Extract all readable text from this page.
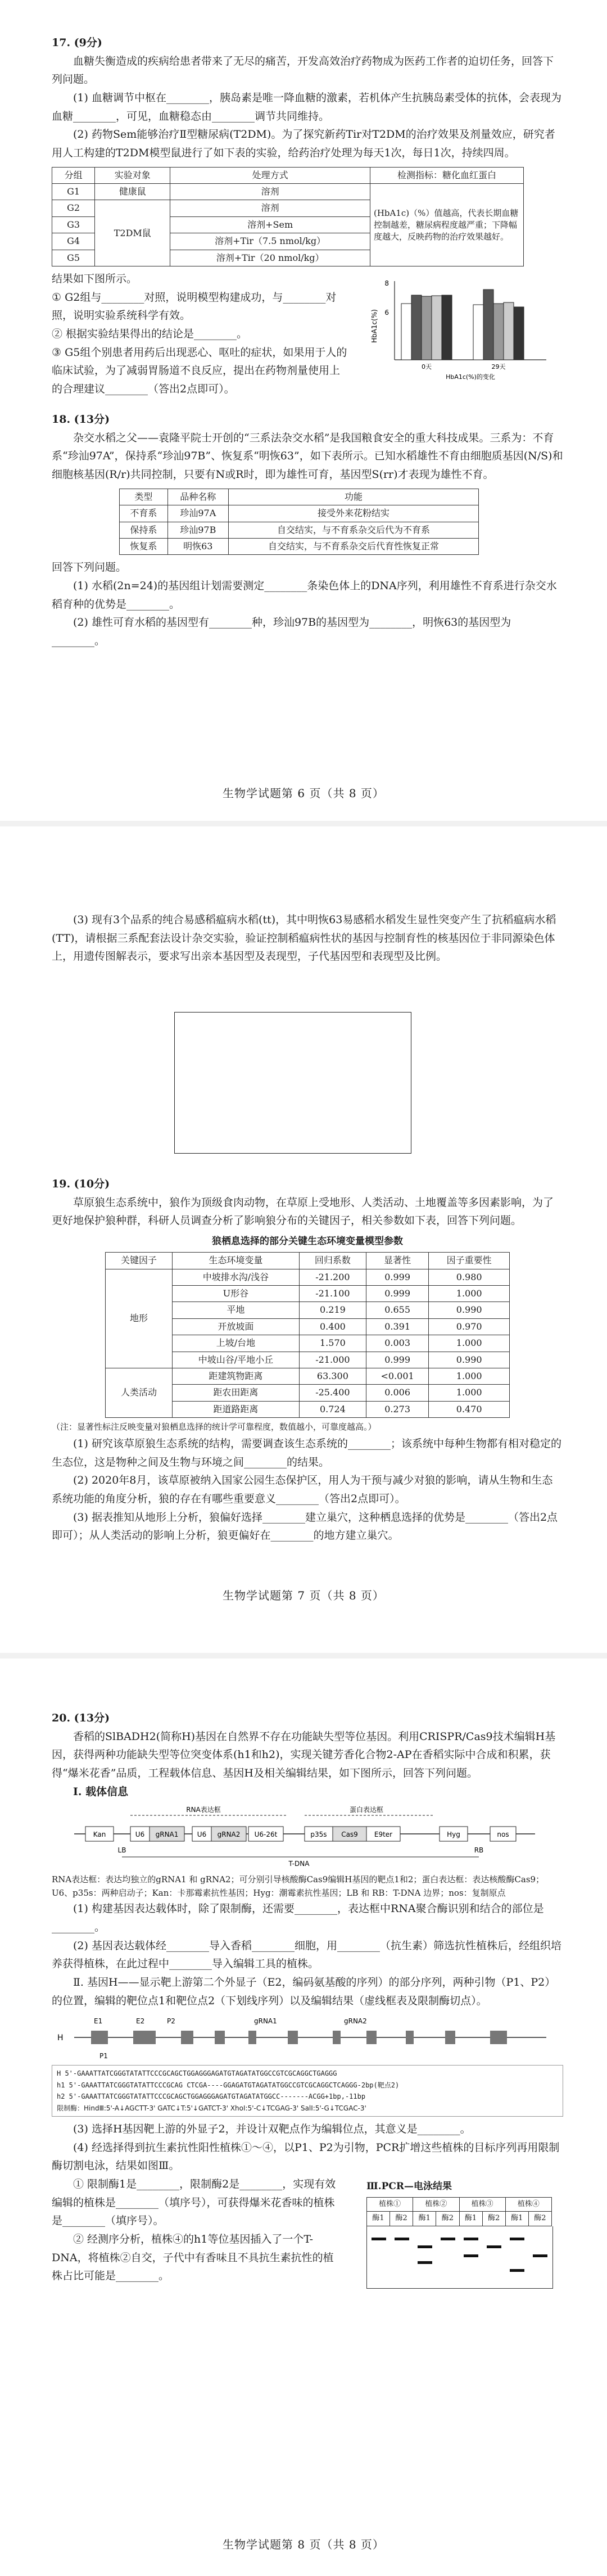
17. (9分)

血糖失衡造成的疾病给患者带来了无尽的痛苦，开发高效治疗药物成为医药工作者的迫切任务，回答下列问题。

(1) 血糖调节中枢在________，胰岛素是唯一降血糖的激素，若机体产生抗胰岛素受体的抗体，会表现为血糖________，可见，血糖稳态由________调节共同维持。

(2) 药物Sem能够治疗Ⅱ型糖尿病(T2DM)。为了探究新药Tir对T2DM的治疗效果及剂量效应，研究者用人工构建的T2DM模型鼠进行了如下表的实验，给药治疗处理为每天1次，每日1次，持续四周。

分组	实验对象	处理方式	检测指标：糖化血红蛋白
G1	健康鼠	溶剂	(HbA1c)（%）值越高，代表长期血糖控制越差，糖尿病程度越严重；下降幅度越大，反映药物的治疗效果越好。
G2	T2DM鼠	溶剂	
G3		溶剂+Sem	
G4		溶剂+Tir（7.5 nmol/kg）	
G5		溶剂+Tir（20 nmol/kg）	

结果如下图所示。

① G2组与________对照，说明模型构建成功，与________对照，说明实验系统科学有效。

② 根据实验结果得出的结论是________。

③ G5组个别患者用药后出现恶心、呕吐的症状，如果用于人的临床试验，为了减弱胃肠道不良反应，提出在药物剂量使用上的合理建议________（答出2点即可）。

8
6
HbA1c(%)
0天	29天
HbA1c(%)的变化

18. (13分)

杂交水稻之父——袁隆平院士开创的“三系法杂交水稻”是我国粮食安全的重大科技成果。三系为：不育系“珍汕97A”，保持系“珍汕97B”、恢复系“明恢63”，如下表所示。已知水稻雄性不育由细胞质基因(N/S)和细胞核基因(R/r)共同控制，只要有N或R时，即为雄性可育，基因型S(rr)才表现为雄性不育。

类型	品种名称	功能
不育系	珍汕97A	接受外来花粉结实
保持系	珍汕97B	自交结实，与不育系杂交后代为不育系
恢复系	明恢63	自交结实，与不育系杂交后代育性恢复正常

回答下列问题。

(1) 水稻(2n=24)的基因组计划需要测定________条染色体上的DNA序列，利用雄性不育系进行杂交水稻育种的优势是________。

(2) 雄性可育水稻的基因型有________种，珍汕97B的基因型为________，明恢63的基因型为________。

生物学试题第 6 页（共 8 页）

(3) 现有3个品系的纯合易感稻瘟病水稻(tt)，其中明恢63易感稻水稻发生显性突变产生了抗稻瘟病水稻(TT)，请根据三系配套法设计杂交实验，验证控制稻瘟病性状的基因与控制育性的核基因位于非同源染色体上，用遗传图解表示，要求写出亲本基因型及表现型，子代基因型和表现型及比例。

19. (10分)

草原狼生态系统中，狼作为顶级食肉动物，在草原上受地形、人类活动、土地覆盖等多因素影响，为了更好地保护狼种群，科研人员调查分析了影响狼分布的关键因子，相关参数如下表，回答下列问题。

狼栖息选择的部分关键生态环境变量模型参数
关键因子	生态环境变量	回归系数	显著性	因子重要性
地形	中坡排水沟/浅谷	-21.200	0.999	0.980
	U形谷	-21.100	0.999	1.000
	平地	0.219	0.655	0.990
	开放坡面	0.400	0.391	0.970
	上坡/台地	1.570	0.003	1.000
	中坡山谷/平地小丘	-21.000	0.999	0.990
人类活动	距建筑物距离	63.300	<0.001	1.000
	距农田距离	-25.400	0.006	1.000
	距道路距离	0.724	0.273	0.470

（注：显著性标注反映变量对狼栖息选择的统计学可靠程度，数值越小，可靠度越高。）

(1) 研究该草原狼生态系统的结构，需要调查该生态系统的________；该系统中每种生物都有相对稳定的生态位，这是物种之间及生物与环境之间________的结果。

(2) 2020年8月，该草原被纳入国家公园生态保护区，用人为干预与减少对狼的影响，请从生物和生态系统功能的角度分析，狼的存在有哪些重要意义________（答出2点即可）。

(3) 据表推知从地形上分析，狼偏好选择________建立巢穴，这种栖息选择的优势是________（答出2点即可）；从人类活动的影响上分析，狼更偏好在________的地方建立巢穴。

生物学试题第 7 页（共 8 页）

20. (13分)

香稻的SlBADH2(简称H)基因在自然界不存在功能缺失型等位基因。利用CRISPR/Cas9技术编辑H基因，获得两种功能缺失型等位突变体系(h1和h2)，实现关键芳香化合物2-AP在香稻实际中合成和积累，获得“爆米花香”品质，工程载体信息、基因H及相关编辑结果，如下图所示，回答下列问题。

Ⅰ. 载体信息

RNA表达框	蛋白表达框
Kan	U6 gRNA1	U6 gRNA2 U6-26t	p35s Cas9 E9ter	Hyg	nos
LB	RB
T-DNA

RNA表达框：表达均独立的gRNA1 和 gRNA2；可分别引导核酸酶Cas9编辑H基因的靶点1和2；蛋白表达框：表达核酸酶Cas9；U6、p35s：两种启动子；Kan：卡那霉素抗性基因；Hyg：潮霉素抗性基因；LB 和 RB：T-DNA 边界；nos：复制原点

(1) 构建基因表达载体时，除了限制酶，还需要________，表达框中RNA聚合酶识别和结合的部位是________。

(2) 基因表达载体经________导入香稻________细胞，用________（抗生素）筛选抗性植株后，经组织培养获得植株，在此过程中________导入编辑工具的植株。

Ⅱ. 基因H——显示靶上游第二个外显子（E2，编码氨基酸的序列）的部分序列，两种引物（P1、P2）的位置，编辑的靶位点1和靶位点2（下划线序列）以及编辑结果（虚线框表及限制酶切点）。

H
E1	E2	P2
P1
gRNA1	gRNA2
H 5'-GAAATTATCGGGTATATTCCCGCAGCTGGAGGGAGATGTAGATATGGCCGTCGCAGGCTGAGGG
h1 5'-GAAATTATCGGGTATATTCCCGCAG CTCGA----GGAGATGTAGATATGGCCGTCGCAGGCTCAGGG-2bp(靶点2)
h2 5'-GAAATTATCGGGTATATTCCCGCAGCTGGAGGGAGATGTAGATATGGCC-------ACGG+1bp,-11bp
限制酶：HindⅢ:5'-A↓AGCTT-3' GATC↓T:5'↓GATCT-3' XhoⅠ:5'-C↓TCGAG-3' SalⅠ:5'-G↓TCGAC-3'

(3) 选择H基因靶上游的外显子2，并设计双靶点作为编辑位点，其意义是________。

(4) 经选择得到抗生素抗性阳性植株①～④，以P1、P2为引物，PCR扩增这些植株的目标序列再用限制酶切割电泳，结果如图Ⅲ。

① 限制酶1是________，限制酶2是________，实现有效编辑的植株是________（填序号），可获得爆米花香味的植株是________（填序号）。

② 经测序分析，植株④的h1等位基因插入了一个T-DNA，将植株②自交，子代中有香味且不具抗生素抗性的植株占比可能是________。

Ⅲ.PCR—电泳结果
植株①		植株②		植株③		植株④	
酶1	酶2	酶1	酶2	酶1	酶2	酶1	酶2
生物学试题第 8 页（共 8 页）
